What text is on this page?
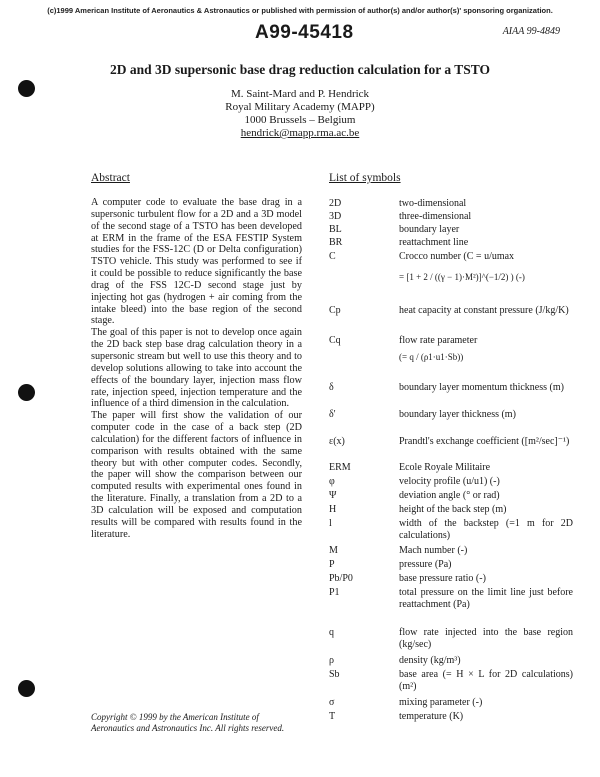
(c)1999 American Institute of Aeronautics & Astronautics or published with permission of author(s) and/or author(s)' sponsoring organization.
A99-45418	AIAA 99-4849
2D and 3D supersonic base drag reduction calculation for a TSTO
M. Saint-Mard and P. Hendrick
Royal Military Academy (MAPP)
1000 Brussels – Belgium
hendrick@mapp.rma.ac.be
Abstract

A computer code to evaluate the base drag in a supersonic turbulent flow for a 2D and a 3D model of the second stage of a TSTO has been developed at ERM in the frame of the ESA FESTIP System studies for the FSS-12C (D or Delta configuration) TSTO vehicle. This study was performed to see if it could be possible to reduce significantly the base drag of the FSS 12C-D second stage just by injecting hot gas (hydrogen + air coming from the intake bleed) into the base region of the second stage.

The goal of this paper is not to develop once again the 2D back step base drag calculation theory in a supersonic stream but well to use this theory and to develop solutions allowing to take into account the effects of the boundary layer, injection mass flow rate, injection speed, injection temperature and the influence of a third dimension in the calculation.

The paper will first show the validation of our computer code in the case of a back step (2D calculation) for the different factors of influence in comparison with results obtained with the same theory but with other computer codes. Secondly, the paper will show the comparison between our computed results with experimental ones found in the literature. Finally, a translation from a 2D to a 3D calculation will be exposed and computation results will be compared with results found in the literature.

Copyright © 1999 by the American Institute of Aeronautics and Astronautics Inc. All rights reserved.
List of symbols
2D	two-dimensional
3D	three-dimensional
BL	boundary layer
BR	reattachment line
C	Crocco number (C = u/umax
= [1 + 2 / ((γ − 1)·M²)]^(−1/2) ) (-)
Cp	heat capacity at constant pressure (J/kg/K)
Cq	flow rate parameter
(= q / (ρ1·u1·Sb))
δ	boundary layer momentum thickness (m)
δ'	boundary layer thickness (m)
ε(x)	Prandtl's exchange coefficient ([m²/sec]⁻¹)
ERM	Ecole Royale Militaire
φ	velocity profile (u/u1) (-)
Ψ	deviation angle (° or rad)
H	height of the back step (m)
l	width of the backstep (=1 m for 2D calculations)
M	Mach number (-)
P	pressure (Pa)
Pb/P0	base pressure ratio (-)
P1	total pressure on the limit line just before reattachment (Pa)
q	flow rate injected into the base region (kg/sec)
ρ	density (kg/m³)
Sb	base area (= H × L for 2D calculations) (m²)
σ	mixing parameter (-)
T	temperature (K)
